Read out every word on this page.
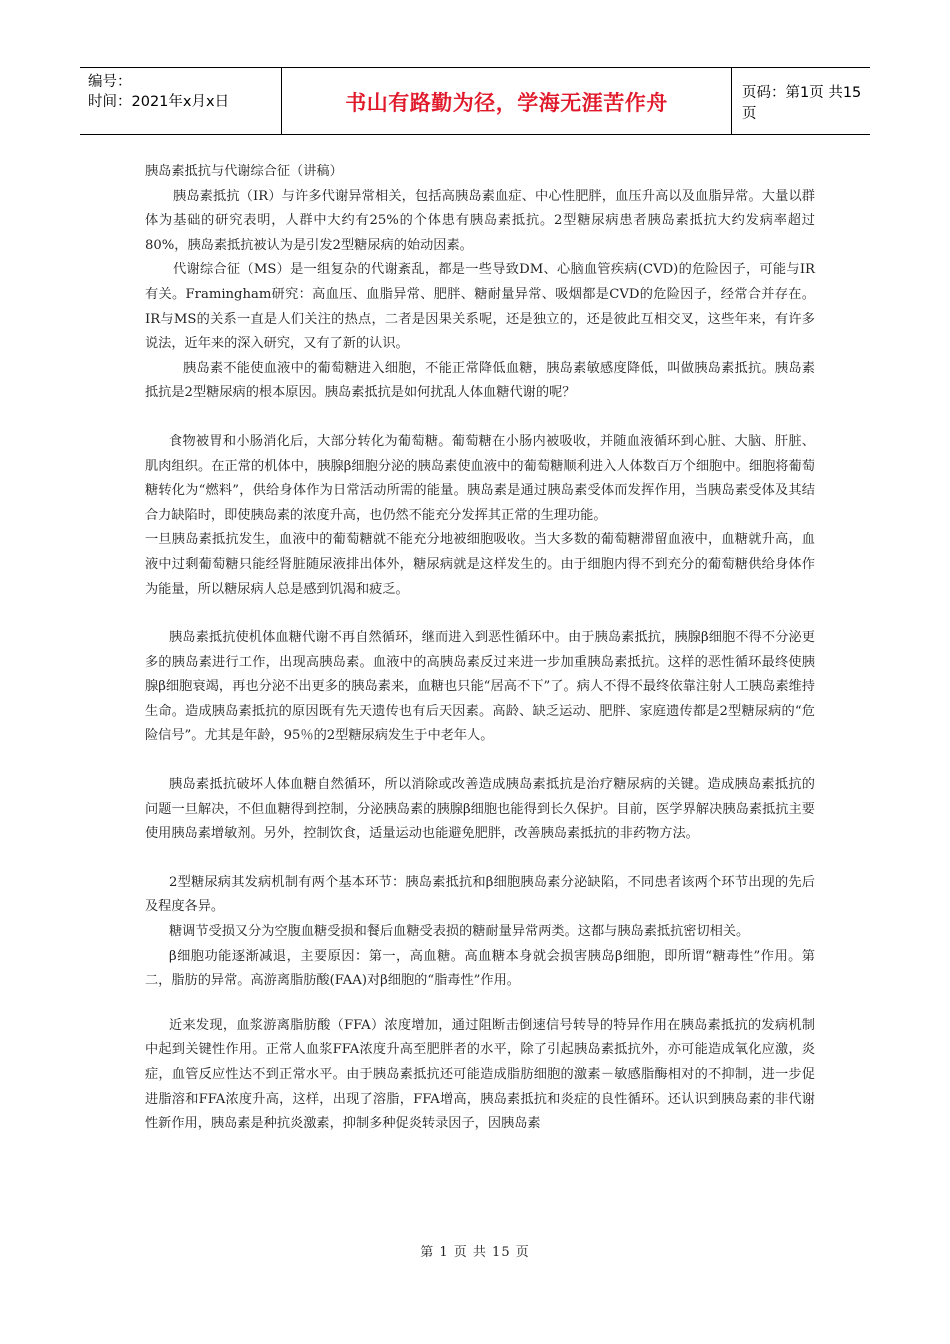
编号：
时间：2021年x月x日	书山有路勤为径，学海无涯苦作舟	页码：第1页 共15页

胰岛素抵抗与代谢综合征（讲稿）

胰岛素抵抗（IR）与许多代谢异常相关，包括高胰岛素血症、中心性肥胖，血压升高以及血脂异常。大量以群体为基础的研究表明，人群中大约有25%的个体患有胰岛素抵抗。2型糖尿病患者胰岛素抵抗大约发病率超过80%，胰岛素抵抗被认为是引发2型糖尿病的始动因素。

代谢综合征（MS）是一组复杂的代谢紊乱，都是一些导致DM、心脑血管疾病(CVD)的危险因子，可能与IR有关。Framingham研究：高血压、血脂异常、肥胖、糖耐量异常、吸烟都是CVD的危险因子，经常合并存在。IR与MS的关系一直是人们关注的热点，二者是因果关系呢，还是独立的，还是彼此互相交叉，这些年来，有许多说法，近年来的深入研究，又有了新的认识。

胰岛素不能使血液中的葡萄糖进入细胞，不能正常降低血糖，胰岛素敏感度降低，叫做胰岛素抵抗。胰岛素抵抗是2型糖尿病的根本原因。胰岛素抵抗是如何扰乱人体血糖代谢的呢？

食物被胃和小肠消化后，大部分转化为葡萄糖。葡萄糖在小肠内被吸收，并随血液循环到心脏、大脑、肝脏、肌肉组织。在正常的机体中，胰腺β细胞分泌的胰岛素使血液中的葡萄糖顺利进入人体数百万个细胞中。细胞将葡萄糖转化为“燃料”，供给身体作为日常活动所需的能量。胰岛素是通过胰岛素受体而发挥作用，当胰岛素受体及其结合力缺陷时，即使胰岛素的浓度升高，也仍然不能充分发挥其正常的生理功能。

一旦胰岛素抵抗发生，血液中的葡萄糖就不能充分地被细胞吸收。当大多数的葡萄糖滞留血液中，血糖就升高，血液中过剩葡萄糖只能经肾脏随尿液排出体外，糖尿病就是这样发生的。由于细胞内得不到充分的葡萄糖供给身体作为能量，所以糖尿病人总是感到饥渴和疲乏。

胰岛素抵抗使机体血糖代谢不再自然循环，继而进入到恶性循环中。由于胰岛素抵抗，胰腺β细胞不得不分泌更多的胰岛素进行工作，出现高胰岛素。血液中的高胰岛素反过来进一步加重胰岛素抵抗。这样的恶性循环最终使胰腺β细胞衰竭，再也分泌不出更多的胰岛素来，血糖也只能“居高不下”了。病人不得不最终依靠注射人工胰岛素维持生命。造成胰岛素抵抗的原因既有先天遗传也有后天因素。高龄、缺乏运动、肥胖、家庭遗传都是2型糖尿病的“危险信号”。尤其是年龄，95％的2型糖尿病发生于中老年人。

胰岛素抵抗破坏人体血糖自然循环，所以消除或改善造成胰岛素抵抗是治疗糖尿病的关键。造成胰岛素抵抗的问题一旦解决，不但血糖得到控制，分泌胰岛素的胰腺β细胞也能得到长久保护。目前，医学界解决胰岛素抵抗主要使用胰岛素增敏剂。另外，控制饮食，适量运动也能避免肥胖，改善胰岛素抵抗的非药物方法。

2型糖尿病其发病机制有两个基本环节：胰岛素抵抗和β细胞胰岛素分泌缺陷，不同患者该两个环节出现的先后及程度各异。

糖调节受损又分为空腹血糖受损和餐后血糖受表损的糖耐量异常两类。这都与胰岛素抵抗密切相关。

β细胞功能逐渐减退，主要原因：第一，高血糖。高血糖本身就会损害胰岛β细胞，即所谓“糖毒性”作用。第二，脂肪的异常。高游离脂肪酸(FAA)对β细胞的“脂毒性”作用。

近来发现，血浆游离脂肪酸（FFA）浓度增加，通过阻断击倒速信号转导的特异作用在胰岛素抵抗的发病机制中起到关键性作用。正常人血浆FFA浓度升高至肥胖者的水平，除了引起胰岛素抵抗外，亦可能造成氧化应激，炎症，血管反应性达不到正常水平。由于胰岛素抵抗还可能造成脂肪细胞的激素－敏感脂酶相对的不抑制，进一步促进脂溶和FFA浓度升高，这样，出现了溶脂，FFA增高，胰岛素抵抗和炎症的良性循环。还认识到胰岛素的非代谢性新作用，胰岛素是种抗炎激素，抑制多种促炎转录因子，因胰岛素

第 1 页 共 15 页
